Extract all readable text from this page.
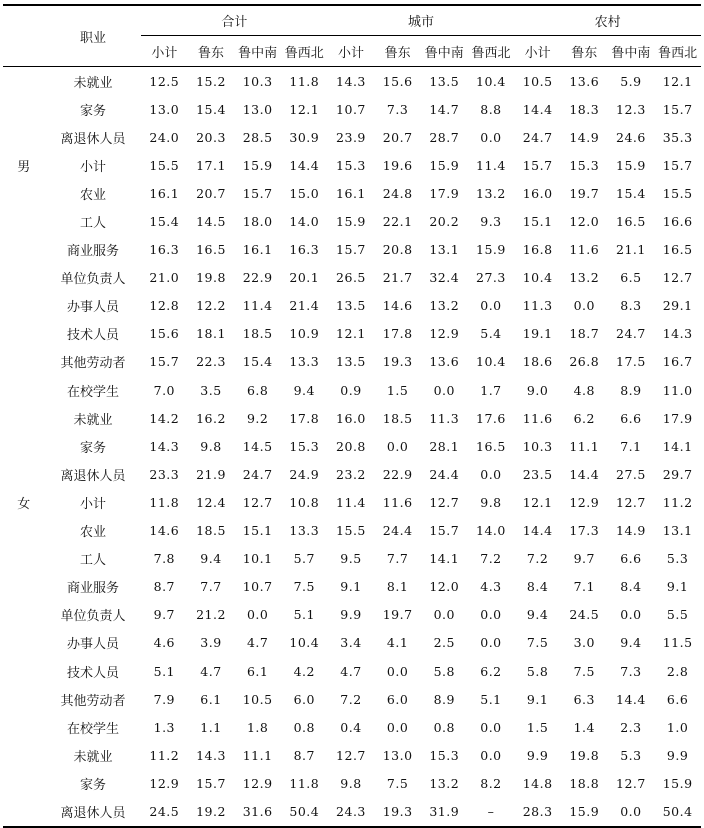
	职业	合计				城市				农村			
		小计	鲁东	鲁中南	鲁西北	小计	鲁东	鲁中南	鲁西北	小计	鲁东	鲁中南	鲁西北
	未就业	12.5	15.2	10.3	11.8	14.3	15.6	13.5	10.4	10.5	13.6	5.9	12.1
	家务	13.0	15.4	13.0	12.1	10.7	7.3	14.7	8.8	14.4	18.3	12.3	15.7
	离退休人员	24.0	20.3	28.5	30.9	23.9	20.7	28.7	0.0	24.7	14.9	24.6	35.3
男	小计	15.5	17.1	15.9	14.4	15.3	19.6	15.9	11.4	15.7	15.3	15.9	15.7
	农业	16.1	20.7	15.7	15.0	16.1	24.8	17.9	13.2	16.0	19.7	15.4	15.5
	工人	15.4	14.5	18.0	14.0	15.9	22.1	20.2	9.3	15.1	12.0	16.5	16.6
	商业服务	16.3	16.5	16.1	16.3	15.7	20.8	13.1	15.9	16.8	11.6	21.1	16.5
	单位负责人	21.0	19.8	22.9	20.1	26.5	21.7	32.4	27.3	10.4	13.2	6.5	12.7
	办事人员	12.8	12.2	11.4	21.4	13.5	14.6	13.2	0.0	11.3	0.0	8.3	29.1
	技术人员	15.6	18.1	18.5	10.9	12.1	17.8	12.9	5.4	19.1	18.7	24.7	14.3
	其他劳动者	15.7	22.3	15.4	13.3	13.5	19.3	13.6	10.4	18.6	26.8	17.5	16.7
	在校学生	7.0	3.5	6.8	9.4	0.9	1.5	0.0	1.7	9.0	4.8	8.9	11.0
	未就业	14.2	16.2	9.2	17.8	16.0	18.5	11.3	17.6	11.6	6.2	6.6	17.9
	家务	14.3	9.8	14.5	15.3	20.8	0.0	28.1	16.5	10.3	11.1	7.1	14.1
	离退休人员	23.3	21.9	24.7	24.9	23.2	22.9	24.4	0.0	23.5	14.4	27.5	29.7
女	小计	11.8	12.4	12.7	10.8	11.4	11.6	12.7	9.8	12.1	12.9	12.7	11.2
	农业	14.6	18.5	15.1	13.3	15.5	24.4	15.7	14.0	14.4	17.3	14.9	13.1
	工人	7.8	9.4	10.1	5.7	9.5	7.7	14.1	7.2	7.2	9.7	6.6	5.3
	商业服务	8.7	7.7	10.7	7.5	9.1	8.1	12.0	4.3	8.4	7.1	8.4	9.1
	单位负责人	9.7	21.2	0.0	5.1	9.9	19.7	0.0	0.0	9.4	24.5	0.0	5.5
	办事人员	4.6	3.9	4.7	10.4	3.4	4.1	2.5	0.0	7.5	3.0	9.4	11.5
	技术人员	5.1	4.7	6.1	4.2	4.7	0.0	5.8	6.2	5.8	7.5	7.3	2.8
	其他劳动者	7.9	6.1	10.5	6.0	7.2	6.0	8.9	5.1	9.1	6.3	14.4	6.6
	在校学生	1.3	1.1	1.8	0.8	0.4	0.0	0.8	0.0	1.5	1.4	2.3	1.0
	未就业	11.2	14.3	11.1	8.7	12.7	13.0	15.3	0.0	9.9	19.8	5.3	9.9
	家务	12.9	15.7	12.9	11.8	9.8	7.5	13.2	8.2	14.8	18.8	12.7	15.9
	离退休人员	24.5	19.2	31.6	50.4	24.3	19.3	31.9	–	28.3	15.9	0.0	50.4
